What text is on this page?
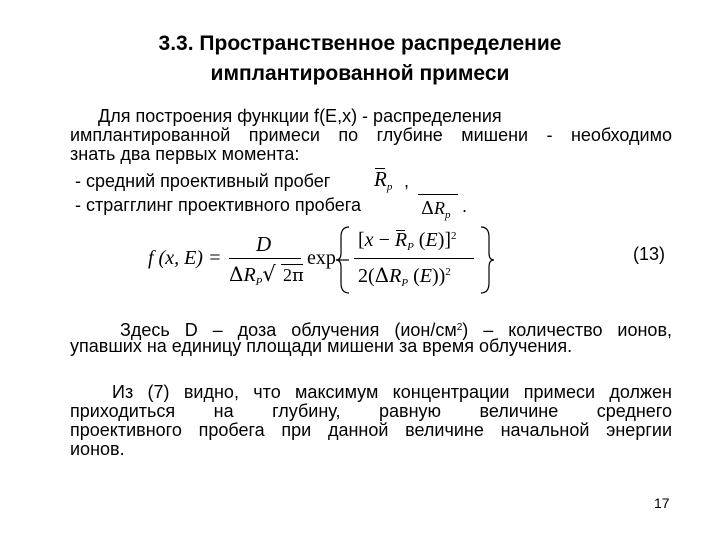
3.3. Пространственное распределение
имплантированной примеси
Для построения функции f(E,x) - распределения
имплантированной примеси по глубине мишени - необходимо
знать два первых момента:
- средний проективный пробег $R_p$ ,
- страгглинг проективного пробега	$\Delta R_p$ .
f (x, E) =
D
$\Delta R_P√$ 2π
exp
[$x - R_P$ (E)]$^2$
$2(\Delta R_P$ (E))$^2$
(13)
Здесь D – доза облучения $(ион/см^2)$ – количество ионов,
упавших на единицу площади мишени за время облучения.
Из (7) видно, что максимум концентрации примеси должен
приходиться на глубину, равную величине среднего
проективного пробега при данной величине начальной энергии
ионов.
17
